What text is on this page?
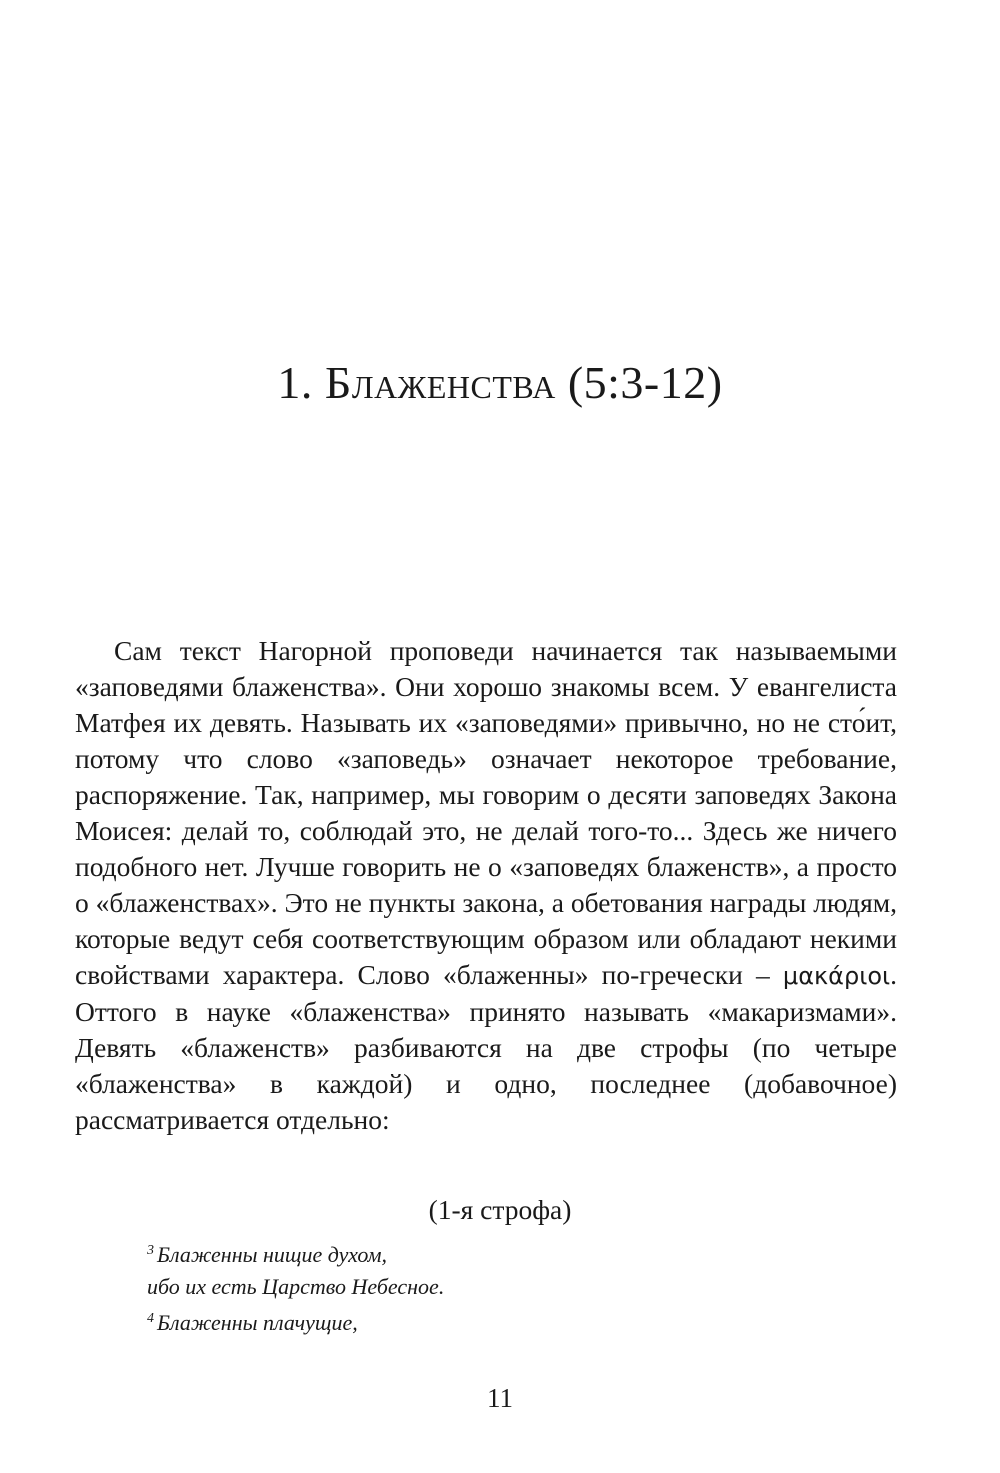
1. Блаженства (5:3-12)

Сам текст Нагорной проповеди начинается так называемыми «заповедями блаженства». Они хорошо знакомы всем. У евангелиста Матфея их девять. Называть их «заповедями» привычно, но не сто́ит, потому что слово «заповедь» означает некоторое требование, распоряжение. Так, например, мы говорим о десяти заповедях Закона Моисея: делай то, соблюдай это, не делай того-то... Здесь же ничего подобного нет. Лучше говорить не о «заповедях блаженств», а просто о «блаженствах». Это не пункты закона, а обетования награды людям, которые ведут себя соответствующим образом или обладают некими свойствами характера. Слово «блаженны» по-гречески – μακάριοι. Оттого в науке «блаженства» принято называть «макаризмами». Девять «блаженств» разбиваются на две строфы (по четыре «блаженства» в каждой) и одно, последнее (добавочное) рассматривается отдельно:

(1-я строфа)
$^3$ Блаженны нищие духом,
ибо их есть Царство Небесное.
$^4$ Блаженны плачущие,
11
